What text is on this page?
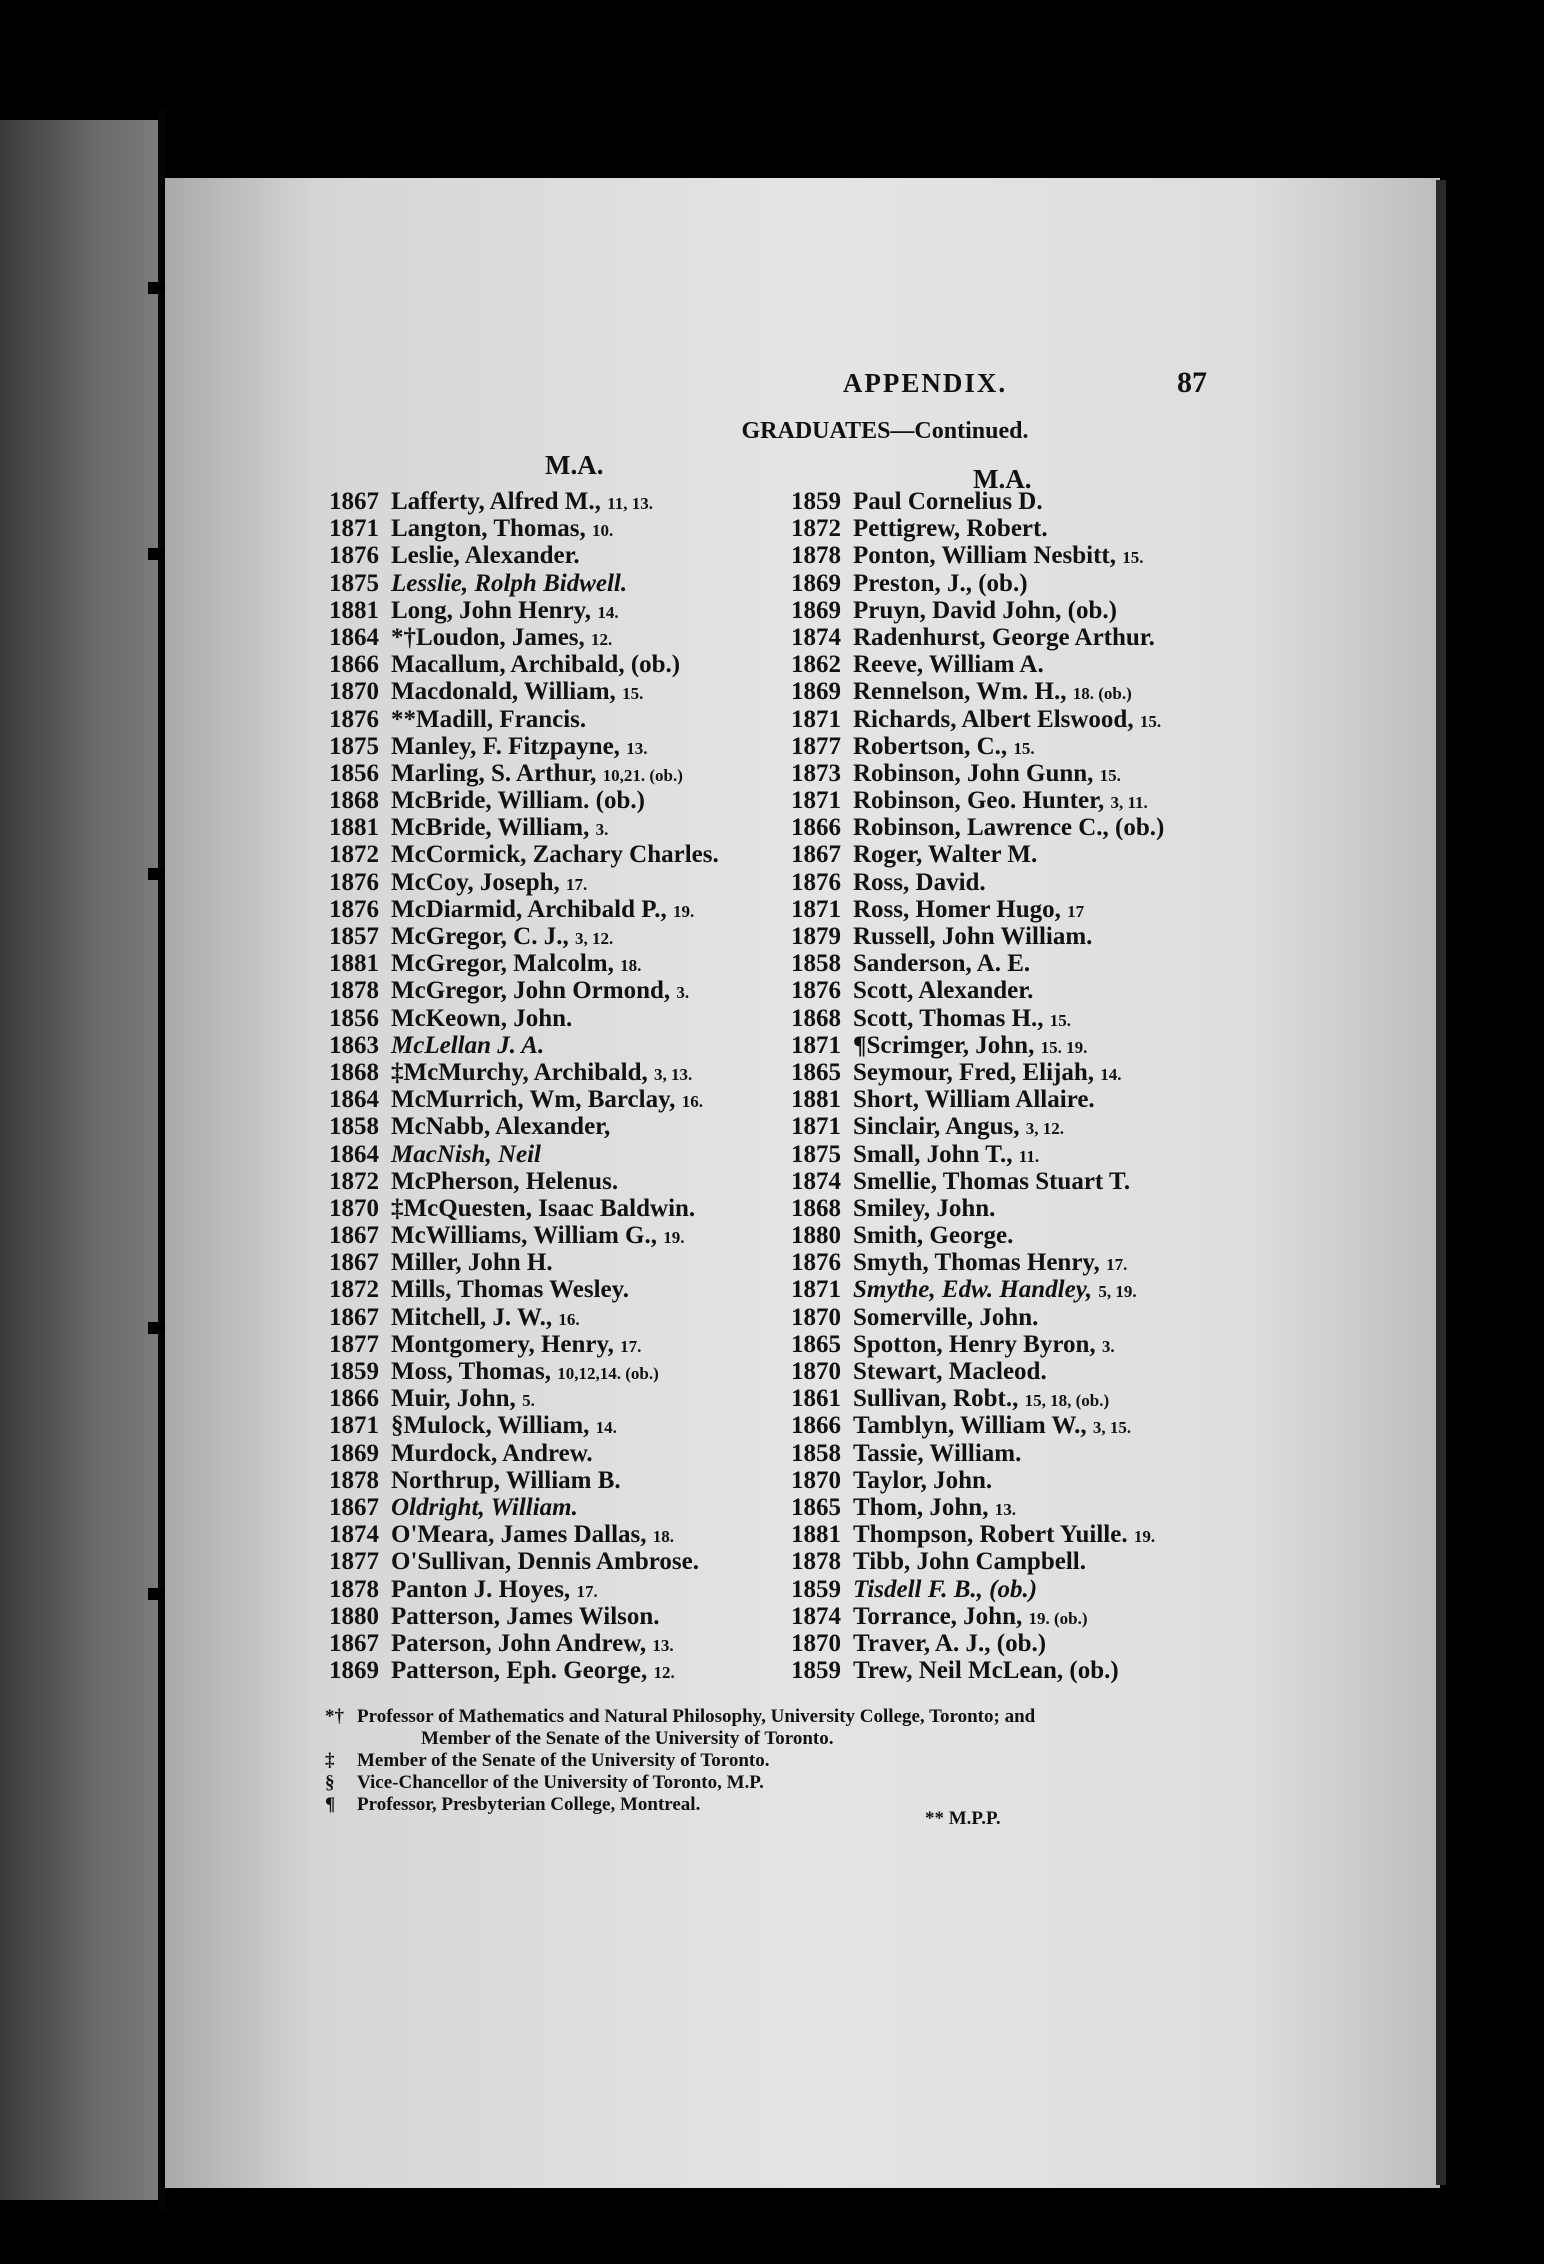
APPENDIX.	87
GRADUATES—Continued.
M.A.	M.A.
1867 Lafferty, Alfred M., 11, 13.
1871 Langton, Thomas, 10.
1876 Leslie, Alexander.
1875 Lesslie, Rolph Bidwell.
1881 Long, John Henry, 14.
1864 *†Loudon, James, 12.
1866 Macallum, Archibald, (ob.)
1870 Macdonald, William, 15.
1876 **Madill, Francis.
1875 Manley, F. Fitzpayne, 13.
1856 Marling, S. Arthur, 10,21. (ob.)
1868 McBride, William. (ob.)
1881 McBride, William, 3.
1872 McCormick, Zachary Charles.
1876 McCoy, Joseph, 17.
1876 McDiarmid, Archibald P., 19.
1857 McGregor, C. J., 3, 12.
1881 McGregor, Malcolm, 18.
1878 McGregor, John Ormond, 3.
1856 McKeown, John.
1863 McLellan J. A.
1868 ‡McMurchy, Archibald, 3, 13.
1864 McMurrich, Wm, Barclay, 16.
1858 McNabb, Alexander,
1864 MacNish, Neil
1872 McPherson, Helenus.
1870 ‡McQuesten, Isaac Baldwin.
1867 McWilliams, William G., 19.
1867 Miller, John H.
1872 Mills, Thomas Wesley.
1867 Mitchell, J. W., 16.
1877 Montgomery, Henry, 17.
1859 Moss, Thomas, 10,12,14. (ob.)
1866 Muir, John, 5.
1871 §Mulock, William, 14.
1869 Murdock, Andrew.
1878 Northrup, William B.
1867 Oldright, William.
1874 O'Meara, James Dallas, 18.
1877 O'Sullivan, Dennis Ambrose.
1878 Panton J. Hoyes, 17.
1880 Patterson, James Wilson.
1867 Paterson, John Andrew, 13.
1869 Patterson, Eph. George, 12.
1859 Paul Cornelius D.
1872 Pettigrew, Robert.
1878 Ponton, William Nesbitt, 15.
1869 Preston, J., (ob.)
1869 Pruyn, David John, (ob.)
1874 Radenhurst, George Arthur.
1862 Reeve, William A.
1869 Rennelson, Wm. H., 18. (ob.)
1871 Richards, Albert Elswood, 15.
1877 Robertson, C., 15.
1873 Robinson, John Gunn, 15.
1871 Robinson, Geo. Hunter, 3, 11.
1866 Robinson, Lawrence C., (ob.)
1867 Roger, Walter M.
1876 Ross, David.
1871 Ross, Homer Hugo, 17
1879 Russell, John William.
1858 Sanderson, A. E.
1876 Scott, Alexander.
1868 Scott, Thomas H., 15.
1871 ¶Scrimger, John, 15. 19.
1865 Seymour, Fred, Elijah, 14.
1881 Short, William Allaire.
1871 Sinclair, Angus, 3, 12.
1875 Small, John T., 11.
1874 Smellie, Thomas Stuart T.
1868 Smiley, John.
1880 Smith, George.
1876 Smyth, Thomas Henry, 17.
1871 Smythe, Edw. Handley, 5, 19.
1870 Somerville, John.
1865 Spotton, Henry Byron, 3.
1870 Stewart, Macleod.
1861 Sullivan, Robt., 15, 18, (ob.)
1866 Tamblyn, William W., 3, 15.
1858 Tassie, William.
1870 Taylor, John.
1865 Thom, John, 13.
1881 Thompson, Robert Yuille. 19.
1878 Tibb, John Campbell.
1859 Tisdell F. B., (ob.)
1874 Torrance, John, 19. (ob.)
1870 Traver, A. J., (ob.)
1859 Trew, Neil McLean, (ob.)
*† Professor of Mathematics and Natural Philosophy, University College, Toronto; and
Member of the Senate of the University of Toronto.
‡ Member of the Senate of the University of Toronto.
§ Vice-Chancellor of the University of Toronto, M.P.
¶ Professor, Presbyterian College, Montreal.
** M.P.P.
